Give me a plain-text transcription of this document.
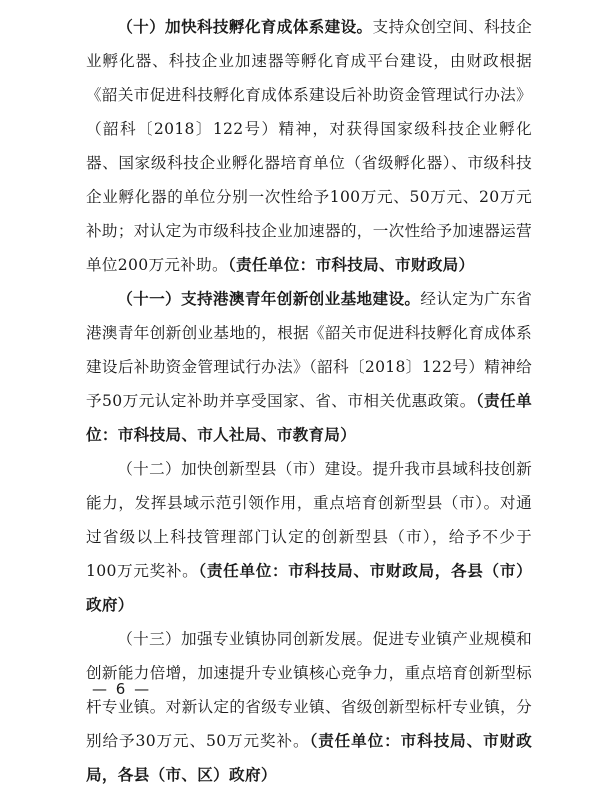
（十）加快科技孵化育成体系建设。支持众创空间、科技企业孵化器、科技企业加速器等孵化育成平台建设，由财政根据《韶关市促进科技孵化育成体系建设后补助资金管理试行办法》（韶科〔2018〕122号）精神，对获得国家级科技企业孵化器、国家级科技企业孵化器培育单位（省级孵化器）、市级科技企业孵化器的单位分别一次性给予100万元、50万元、20万元补助；对认定为市级科技企业加速器的，一次性给予加速器运营单位200万元补助。（责任单位：市科技局、市财政局）

（十一）支持港澳青年创新创业基地建设。经认定为广东省港澳青年创新创业基地的，根据《韶关市促进科技孵化育成体系建设后补助资金管理试行办法》（韶科〔2018〕122号）精神给予50万元认定补助并享受国家、省、市相关优惠政策。（责任单位：市科技局、市人社局、市教育局）

（十二）加快创新型县（市）建设。提升我市县域科技创新能力，发挥县域示范引领作用，重点培育创新型县（市）。对通过省级以上科技管理部门认定的创新型县（市），给予不少于100万元奖补。（责任单位：市科技局、市财政局，各县（市）政府）

（十三）加强专业镇协同创新发展。促进专业镇产业规模和创新能力倍增，加速提升专业镇核心竞争力，重点培育创新型标杆专业镇。对新认定的省级专业镇、省级创新型标杆专业镇，分别给予30万元、50万元奖补。（责任单位：市科技局、市财政局，各县（市、区）政府）

— 6 —
